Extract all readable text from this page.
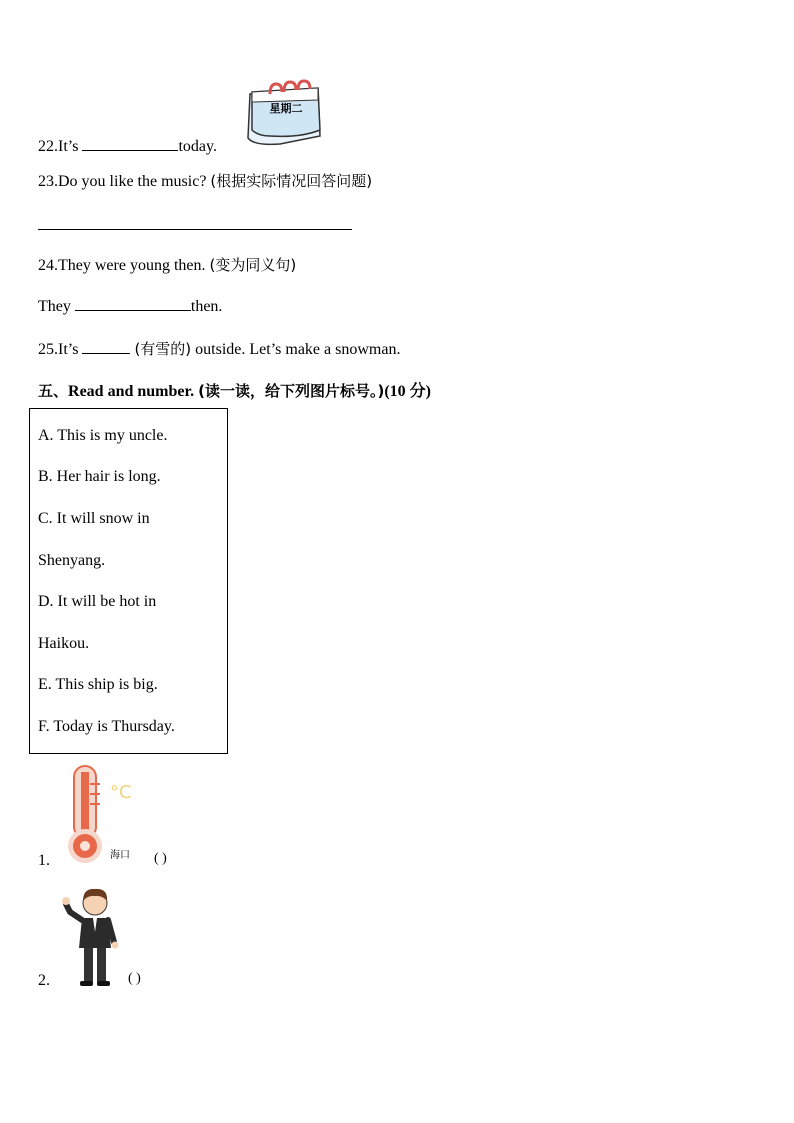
22.It’s	today.
星期二
23.Do you like the music? (根据实际情况回答问题)
24.They were young then. (变为同义句)
They	then.
25.It’s	(有雪的) outside. Let’s make a snowman.
五、Read and number. (读一读，给下列图片标号。)(10 分)
A. This is my uncle.
B. Her hair is long.
C. It will snow in
Shenyang.
D. It will be hot in
Haikou.
E. This ship is big.
F. Today is Thursday.
1.
°C
海口 ( )
2.	( )
